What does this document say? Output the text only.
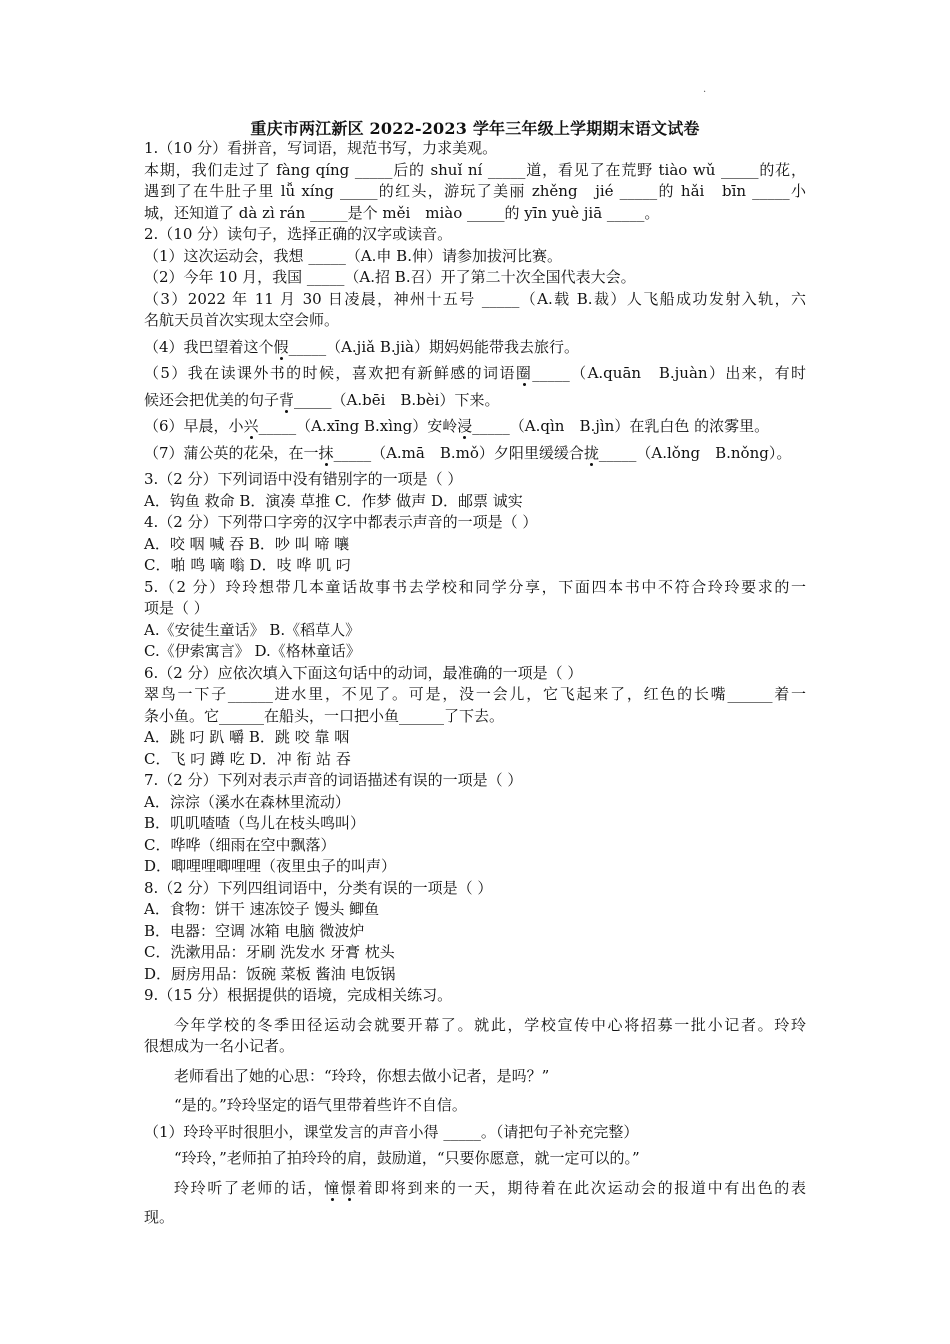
.
重庆市两江新区 2022-2023 学年三年级上学期期末语文试卷

1.（10 分）看拼音，写词语，规范书写，力求美观。

本期，我们走过了 fàng qíng _____后的 shuǐ ní _____道，看见了在荒野 tiào wǔ _____的花，

遇到了在牛肚子里 lǚ xíng _____的红头，游玩了美丽 zhěng　jié _____的 hǎi　bīn _____小

城，还知道了 dà zì rán _____是个 měi　miào _____的 yīn yuè jiā _____。

2.（10 分）读句子，选择正确的汉字或读音。

（1）这次运动会，我想 _____（A.申 B.伸）请参加拔河比赛。

（2）今年 10 月，我国 _____（A.招 B.召）开了第二十次全国代表大会。

（3）2022 年 11 月 30 日凌晨，神州十五号 _____（A.载 B.裁）人飞船成功发射入轨，六

名航天员首次实现太空会师。

（4）我巴望着这个假_____（A.jiǎ B.jià）期妈妈能带我去旅行。

（5）我在读课外书的时候，喜欢把有新鲜感的词语圈_____（A.quān　B.juàn）出来，有时

候还会把优美的句子背_____（A.bēi　B.bèi）下来。

（6）早晨，小兴_____（A.xīng B.xìng）安岭浸_____（A.qìn　B.jìn）在乳白色 的浓雾里。

（7）蒲公英的花朵，在一抹_____（A.mā　B.mǒ）夕阳里缓缓合拢_____（A.lǒng　B.nǒng）。

3.（2 分）下列词语中没有错别字的一项是（ ）

A．钩鱼 救命 B．演凑 草推 C．作梦 做声 D．邮票 诚实

4.（2 分）下列带口字旁的汉字中都表示声音的一项是（ ）

A．咬 咽 喊 吞 B．吵 叫 啼 嚷

C．啪 鸣 嘀 嗡 D．吱 哗 叽 叼

5.（2 分）玲玲想带几本童话故事书去学校和同学分享，下面四本书中不符合玲玲要求的一

项是（ ）

A.《安徒生童话》 B.《稻草人》

C.《伊索寓言》 D.《格林童话》

6.（2 分）应依次填入下面这句话中的动词，最准确的一项是（ ）

翠鸟一下子______进水里，不见了。可是，没一会儿，它飞起来了，红色的长嘴______着一

条小鱼。它______在船头，一口把小鱼______了下去。

A．跳 叼 趴 嚼 B．跳 咬 靠 咽

C．飞 叼 蹲 吃 D．冲 衔 站 吞

7.（2 分）下列对表示声音的词语描述有误的一项是（ ）

A．淙淙（溪水在森林里流动）

B．叽叽喳喳（鸟儿在枝头鸣叫）

C．哗哗（细雨在空中飘落）

D．唧哩哩唧哩哩（夜里虫子的叫声）

8.（2 分）下列四组词语中，分类有误的一项是（ ）

A．食物：饼干 速冻饺子 馒头 鲫鱼

B．电器：空调 冰箱 电脑 微波炉

C．洗漱用品：牙刷 洗发水 牙膏 枕头

D．厨房用品：饭碗 菜板 酱油 电饭锅

9.（15 分）根据提供的语境，完成相关练习。

今年学校的冬季田径运动会就要开幕了。就此，学校宣传中心将招募一批小记者。玲玲

很想成为一名小记者。

老师看出了她的心思：“玲玲，你想去做小记者，是吗？”

“是的。”玲玲坚定的语气里带着些许不自信。

（1）玲玲平时很胆小，课堂发言的声音小得 _____。（请把句子补充完整）

“玲玲，”老师拍了拍玲玲的肩，鼓励道，“只要你愿意，就一定可以的。”

玲玲听了老师的话，憧憬着即将到来的一天，期待着在此次运动会的报道中有出色的表

现。
